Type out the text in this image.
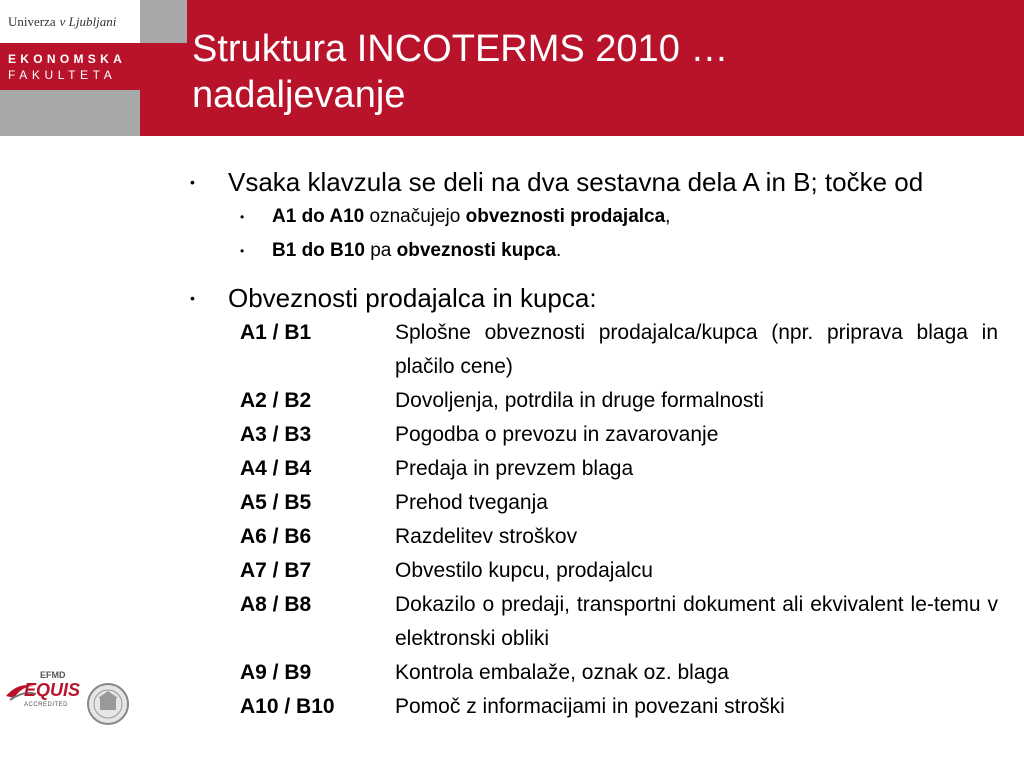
Univerza v Ljubljani
EKONOMSKA
FAKULTETA
Struktura INCOTERMS 2010 …
nadaljevanje
•	Vsaka klavzula se deli na dva sestavna dela A in B; točke od
•	A1 do A10 označujejo obveznosti prodajalca,
•	B1 do B10 pa obveznosti kupca.
•	Obveznosti prodajalca in kupca:
A1 / B1	Splošne obveznosti prodajalca/kupca (npr. priprava blaga in plačilo cene)
A2 / B2	Dovoljenja, potrdila in druge formalnosti
A3 / B3	Pogodba o prevozu in zavarovanje
A4 / B4	Predaja in prevzem blaga
A5 / B5	Prehod tveganja
A6 / B6	Razdelitev stroškov
A7 / B7	Obvestilo kupcu, prodajalcu
A8 / B8	Dokazilo o predaji, transportni dokument ali ekvivalent le-temu v elektronski obliki
A9 / B9	Kontrola embalaže, oznak oz. blaga
A10 / B10	Pomoč z informacijami in povezani stroški
EFMD
EQUIS
ACCREDITED
